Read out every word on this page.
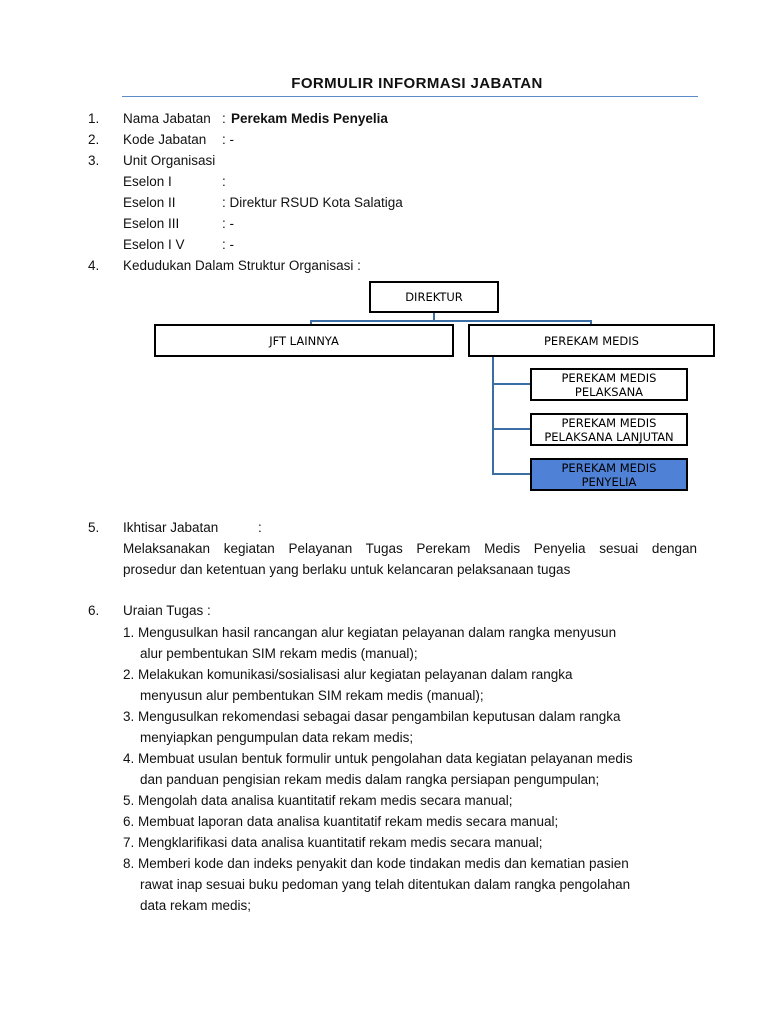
FORMULIR INFORMASI JABATAN
1. Nama Jabatan : Perekam Medis Penyelia
2. Kode Jabatan : -
3. Unit Organisasi
Eselon I	:
Eselon II	: Direktur RSUD Kota Salatiga
Eselon III	: -
Eselon I V	: -
4. Kedudukan Dalam Struktur Organisasi :
DIREKTUR
JFT LAINNYA	PEREKAM MEDIS
PEREKAM MEDIS
PELAKSANA
PEREKAM MEDIS
PELAKSANA LANJUTAN
PEREKAM MEDIS
PENYELIA
5. Ikhtisar Jabatan	:
Melaksanakan kegiatan Pelayanan Tugas Perekam Medis Penyelia sesuai dengan
prosedur dan ketentuan yang berlaku untuk kelancaran pelaksanaan tugas
6. Uraian Tugas :
1. Mengusulkan hasil rancangan alur kegiatan pelayanan dalam rangka menyusun
alur pembentukan SIM rekam medis (manual);
2. Melakukan komunikasi/sosialisasi alur kegiatan pelayanan dalam rangka
menyusun alur pembentukan SIM rekam medis (manual);
3. Mengusulkan rekomendasi sebagai dasar pengambilan keputusan dalam rangka
menyiapkan pengumpulan data rekam medis;
4. Membuat usulan bentuk formulir untuk pengolahan data kegiatan pelayanan medis
dan panduan pengisian rekam medis dalam rangka persiapan pengumpulan;
5. Mengolah data analisa kuantitatif rekam medis secara manual;
6. Membuat laporan data analisa kuantitatif rekam medis secara manual;
7. Mengklarifikasi data analisa kuantitatif rekam medis secara manual;
8. Memberi kode dan indeks penyakit dan kode tindakan medis dan kematian pasien
rawat inap sesuai buku pedoman yang telah ditentukan dalam rangka pengolahan
data rekam medis;
